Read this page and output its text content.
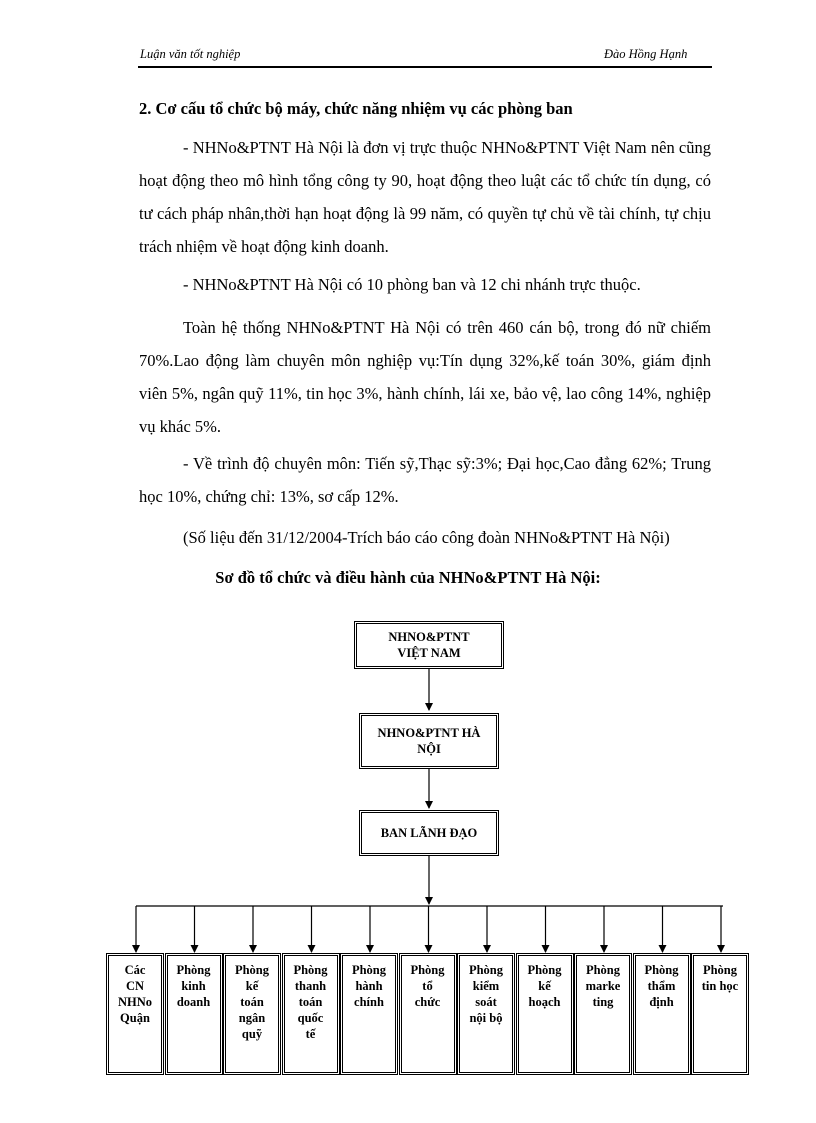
Luận văn tốt nghiệp	Đào Hồng Hạnh
2. Cơ cấu tổ chức bộ máy, chức năng nhiệm vụ các phòng ban

- NHNo&PTNT Hà Nội là đơn vị trực thuộc NHNo&PTNT Việt Nam nên cũng hoạt động theo mô hình tổng công ty 90, hoạt động theo luật các tổ chức tín dụng, có tư cách pháp nhân,thời hạn hoạt động là 99 năm, có quyền tự chủ về tài chính, tự chịu trách nhiệm về hoạt động kinh doanh.

- NHNo&PTNT Hà Nội có 10 phòng ban và 12 chi nhánh trực thuộc.

Toàn hệ thống NHNo&PTNT Hà Nội có trên 460 cán bộ, trong đó nữ chiếm 70%.Lao động làm chuyên môn nghiệp vụ:Tín dụng 32%,kế toán 30%, giám định viên 5%, ngân quỹ 11%, tin học 3%, hành chính, lái xe, bảo vệ, lao công 14%, nghiệp vụ khác 5%.

- Về trình độ chuyên môn: Tiến sỹ,Thạc sỹ:3%; Đại học,Cao đẳng 62%; Trung học 10%, chứng chỉ: 13%, sơ cấp 12%.

(Số liệu đến 31/12/2004-Trích báo cáo công đoàn NHNo&PTNT Hà Nội)

Sơ đồ tổ chức và điều hành của NHNo&PTNT Hà Nội:
NHNO&PTNT
VIỆT NAM
NHNO&PTNT HÀ
NỘI
BAN LÃNH ĐẠO
Các
CN
NHNo
Quận
Phòng
kinh
doanh
Phòng
kế
toán
ngân
quỹ
Phòng
thanh
toán
quốc
tế
Phòng
hành
chính
Phòng
tổ
chức
Phòng
kiểm
soát
nội bộ
Phòng
kế
hoạch
Phòng
marke
ting
Phòng
thẩm
định
Phòng
tin học
